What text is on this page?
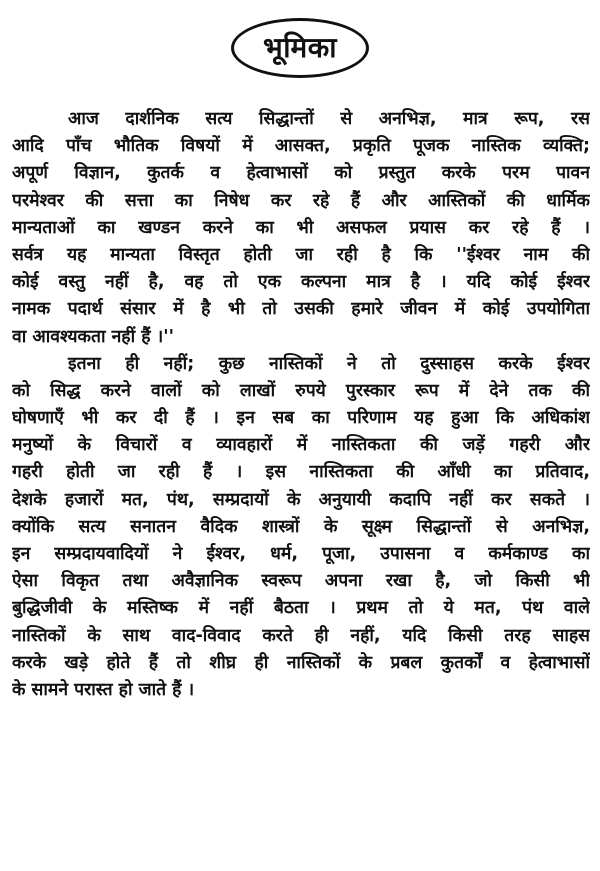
भूमिका
आज दार्शनिक सत्य सिद्धान्तों से अनभिज्ञ, मात्र रूप, रस
आदि पाँच भौतिक विषयों में आसक्त, प्रकृति पूजक नास्तिक व्यक्ति;
अपूर्ण विज्ञान, कुतर्क व हेत्वाभासों को प्रस्तुत करके परम पावन
परमेश्वर की सत्ता का निषेध कर रहे हैं और आस्तिकों की धार्मिक
मान्यताओं का खण्डन करने का भी असफल प्रयास कर रहे हैं ।
सर्वत्र यह मान्यता विस्तृत होती जा रही है कि ''ईश्वर नाम की
कोई वस्तु नहीं है, वह तो एक कल्पना मात्र है । यदि कोई ईश्वर
नामक पदार्थ संसार में है भी तो उसकी हमारे जीवन में कोई उपयोगिता
वा आवश्यकता नहीं हैं ।''
इतना ही नहीं; कुछ नास्तिकों ने तो दुस्साहस करके ईश्वर
को सिद्ध करने वालों को लाखों रुपये पुरस्कार रूप में देने तक की
घोषणाएँ भी कर दी हैं । इन सब का परिणाम यह हुआ कि अधिकांश
मनुष्यों के विचारों व व्यावहारों में नास्तिकता की जड़ें गहरी और
गहरी होती जा रही हैं । इस नास्तिकता की आँधी का प्रतिवाद,
देशके हजारों मत, पंथ, सम्प्रदायों के अनुयायी कदापि नहीं कर सकते ।
क्योंकि सत्य सनातन वैदिक शास्त्रों के सूक्ष्म सिद्धान्तों से अनभिज्ञ,
इन सम्प्रदायवादियों ने ईश्वर, धर्म, पूजा, उपासना व कर्मकाण्ड का
ऐसा विकृत तथा अवैज्ञानिक स्वरूप अपना रखा है, जो किसी भी
बुद्धिजीवी के मस्तिष्क में नहीं बैठता । प्रथम तो ये मत, पंथ वाले
नास्तिकों के साथ वाद-विवाद करते ही नहीं, यदि किसी तरह साहस
करके खड़े होते हैं तो शीघ्र ही नास्तिकों के प्रबल कुतर्कों व हेत्वाभासों
के सामने परास्त हो जाते हैं ।
